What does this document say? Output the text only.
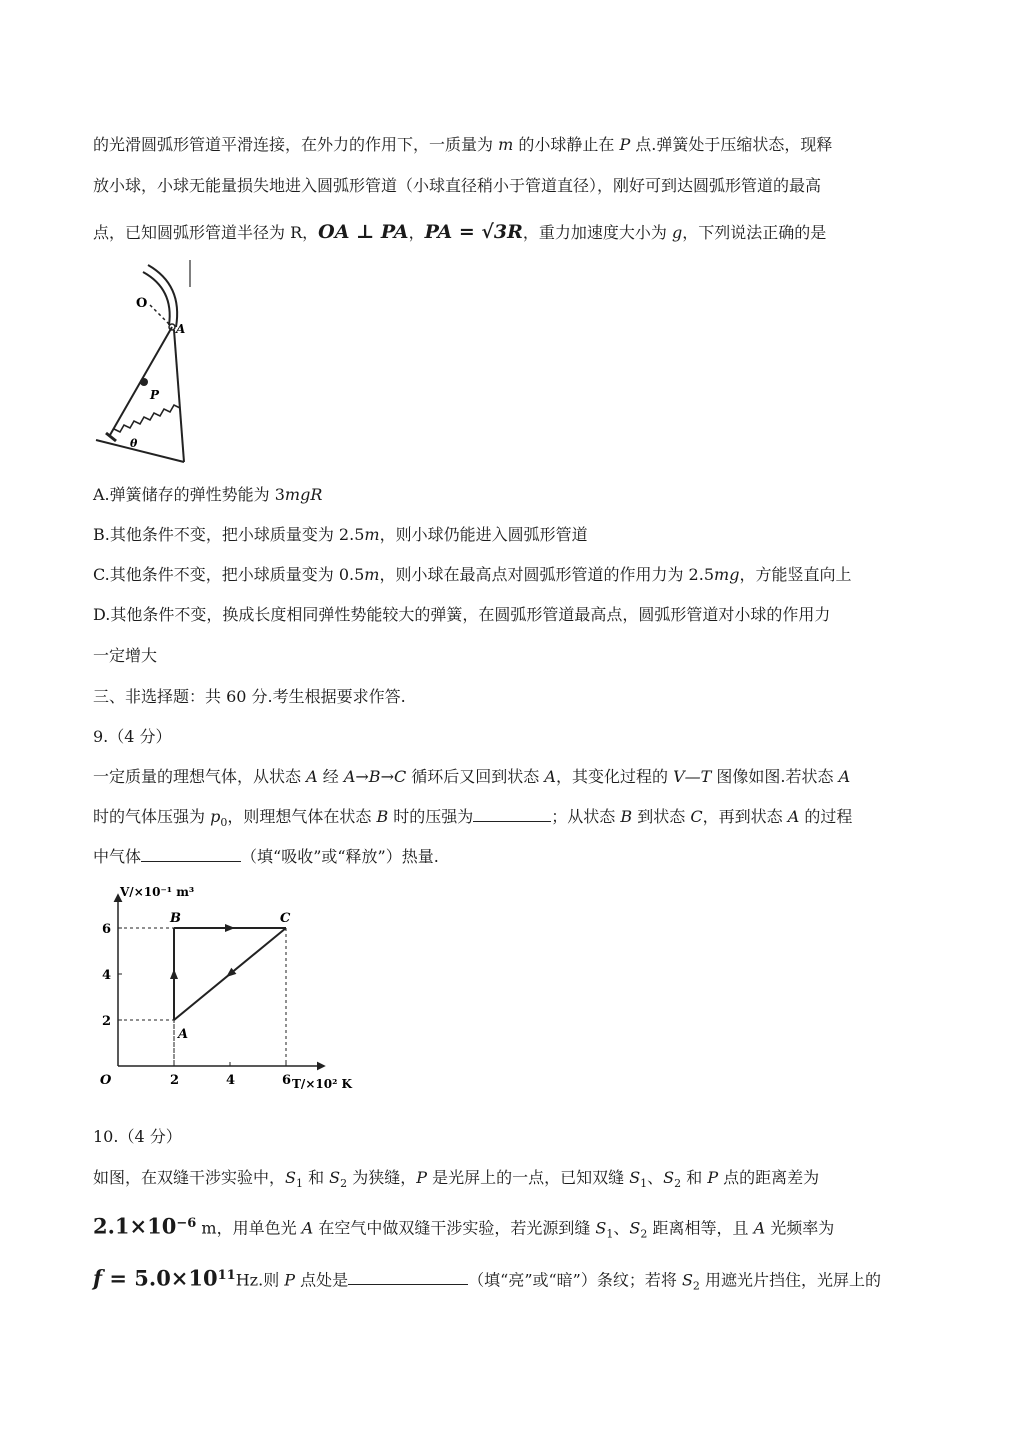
的光滑圆弧形管道平滑连接，在外力的作用下，一质量为 m 的小球静止在 P 点.弹簧处于压缩状态，现释
放小球，小球无能量损失地进入圆弧形管道（小球直径稍小于管道直径），刚好可到达圆弧形管道的最高
点，已知圆弧形管道半径为 R，OA ⊥ PA，PA = √3R，重力加速度大小为 g，下列说法正确的是
O
A
P
θ
A.弹簧储存的弹性势能为 3mgR
B.其他条件不变，把小球质量变为 2.5m，则小球仍能进入圆弧形管道
C.其他条件不变，把小球质量变为 0.5m，则小球在最高点对圆弧形管道的作用力为 2.5mg，方能竖直向上
D.其他条件不变，换成长度相同弹性势能较大的弹簧，在圆弧形管道最高点，圆弧形管道对小球的作用力
一定增大
三、非选择题：共 60 分.考生根据要求作答.
9.（4 分）
一定质量的理想气体，从状态 A 经 A→B→C 循环后又回到状态 A，其变化过程的 V—T 图像如图.若状态 A
时的气体压强为 $p_0$，则理想气体在状态 B 时的压强为	；从状态 B 到状态 C，再到状态 A 的过程
中气体	（填“吸收”或“释放”）热量.
V/×10⁻¹ m³
T/×10² K
O	2	4	6
2
4
6
A
B	C
10.（4 分）
如图，在双缝干涉实验中，$S_1$ 和 $S_2$ 为狭缝，P 是光屏上的一点，已知双缝 $S_1$、$S_2$ 和 P 点的距离差为
$2.1\times 10^{-6}$ m，用单色光 A 在空气中做双缝干涉实验，若光源到缝 $S_1$、$S_2$ 距离相等，且 A 光频率为
$f = 5.0\times 10^{11}Hz$.则 P 点处是	（填“亮”或“暗”）条纹；若将 $S_2$ 用遮光片挡住，光屏上的
